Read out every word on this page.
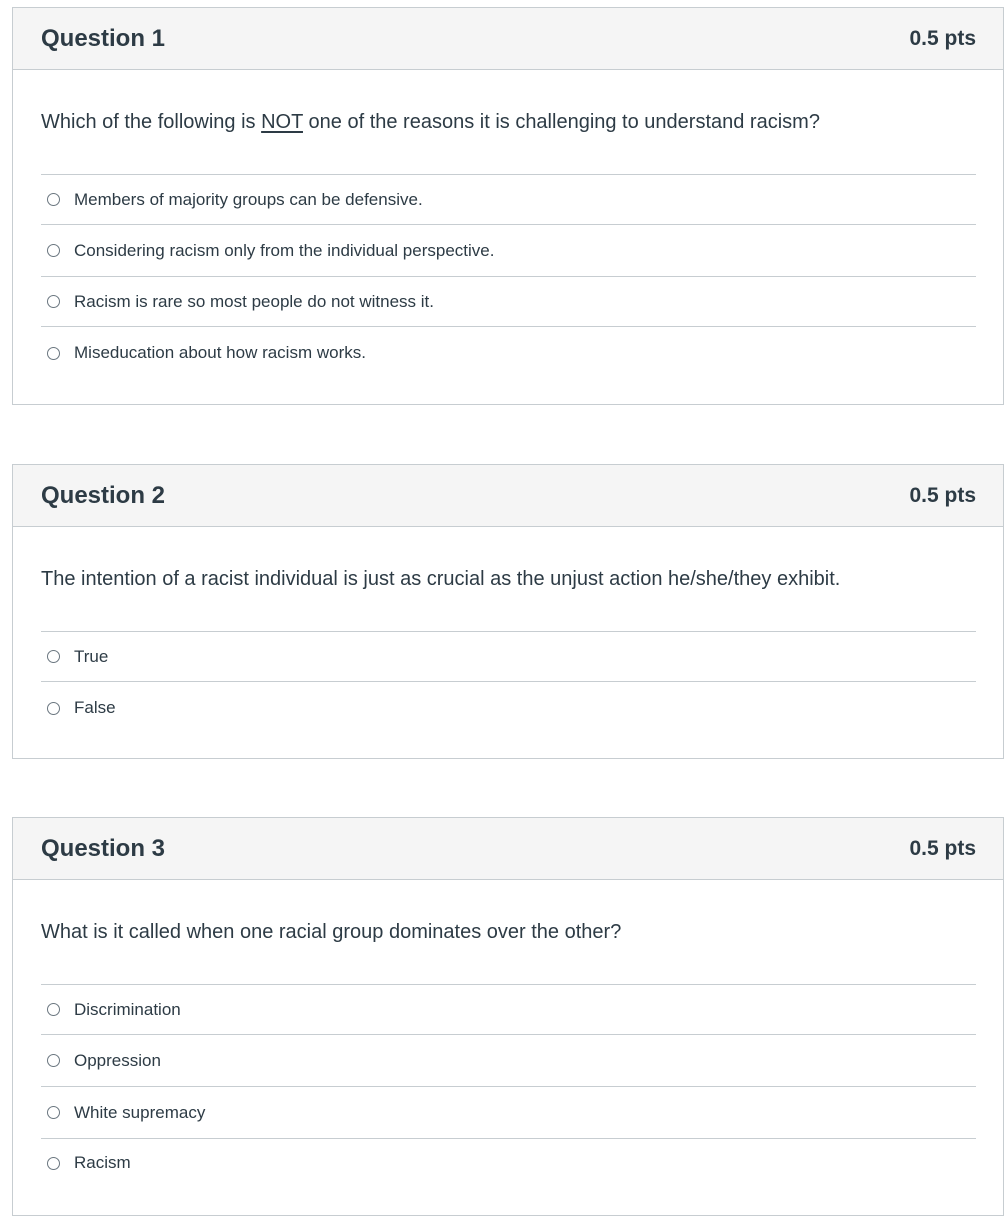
Question 1	0.5 pts
Which of the following is NOT one of the reasons it is challenging to understand racism?
Members of majority groups can be defensive.
Considering racism only from the individual perspective.
Racism is rare so most people do not witness it.
Miseducation about how racism works.
Question 2	0.5 pts
The intention of a racist individual is just as crucial as the unjust action he/she/they exhibit.
True
False
Question 3	0.5 pts
What is it called when one racial group dominates over the other?
Discrimination
Oppression
White supremacy
Racism
